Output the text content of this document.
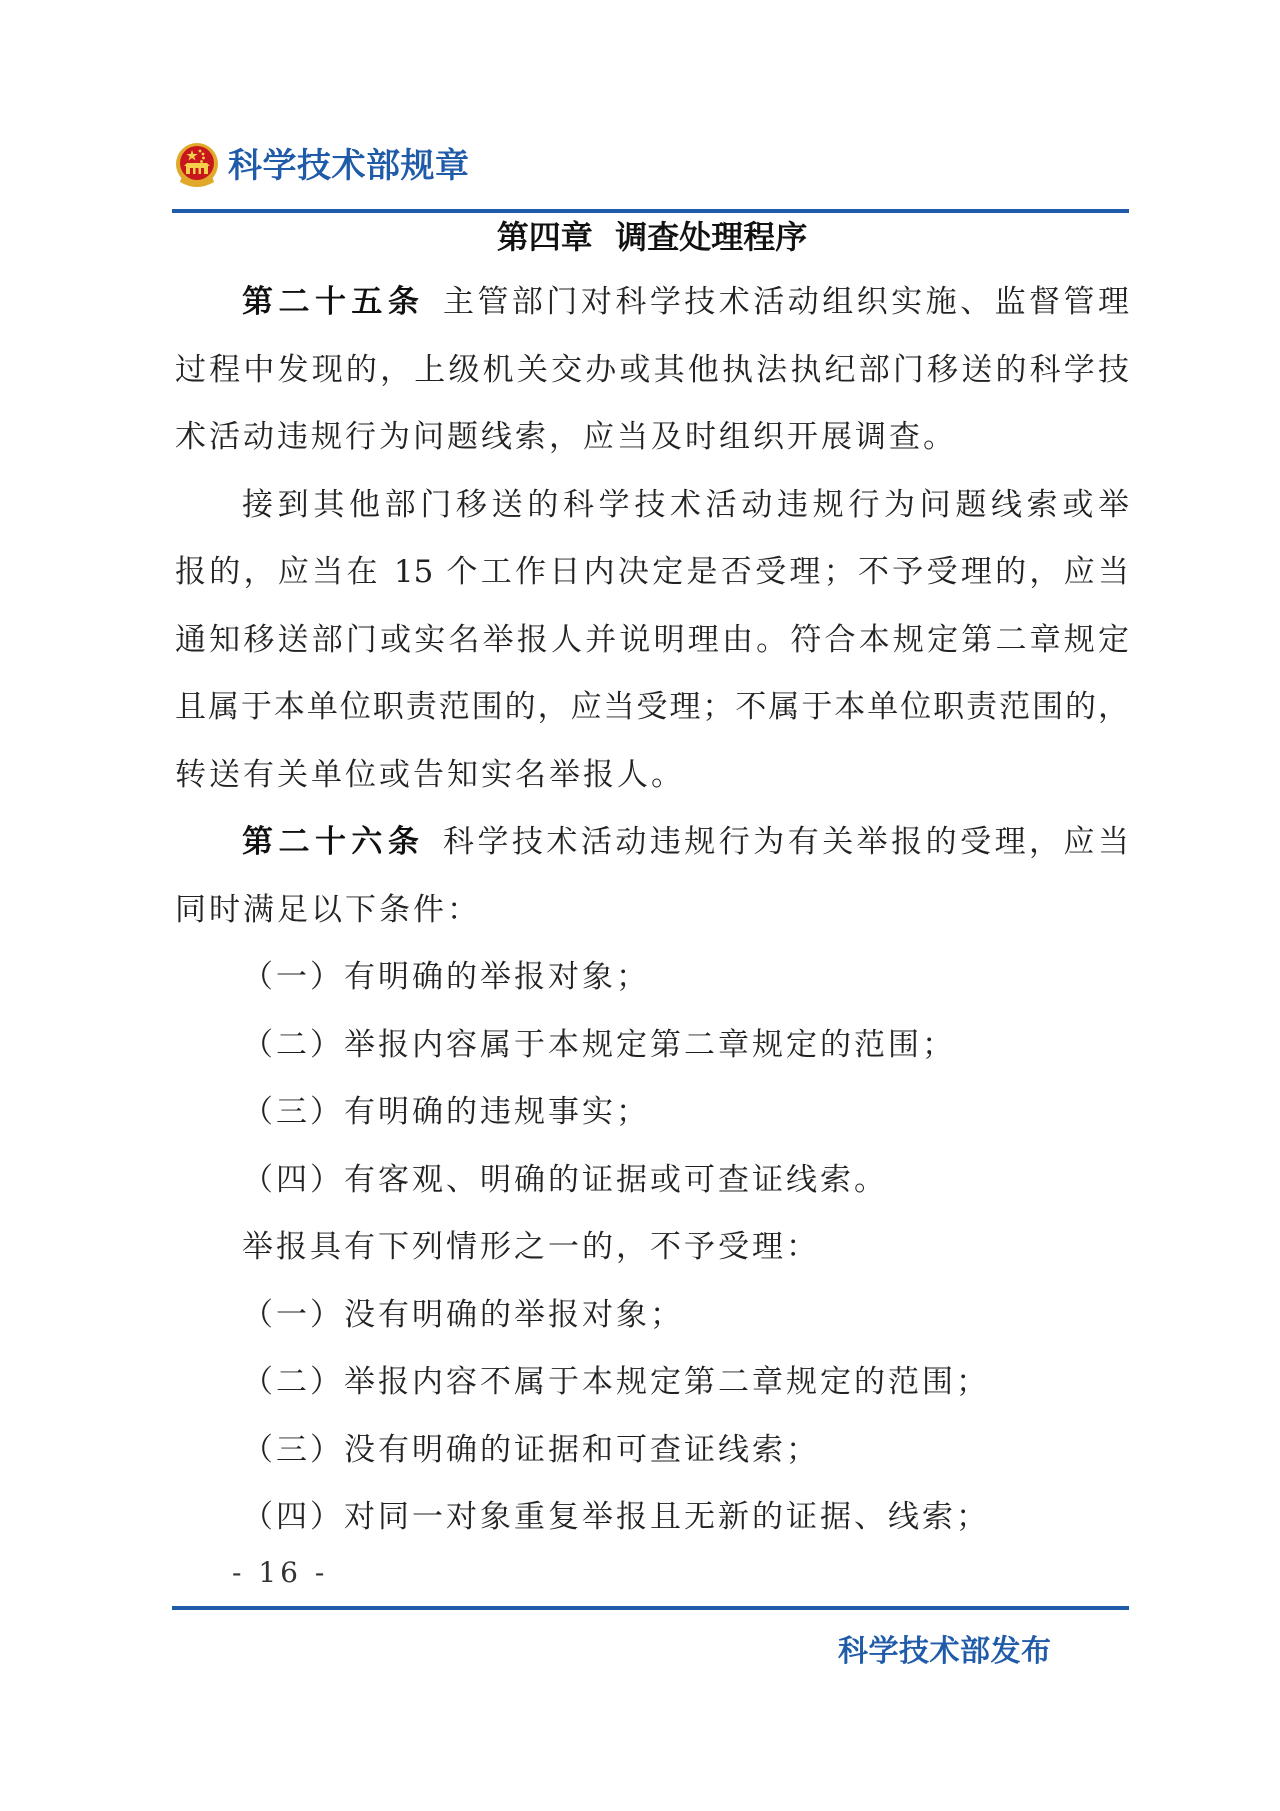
科学技术部规章
第四章 调查处理程序
第二十五条 主管部门对科学技术活动组织实施、监督管理
过程中发现的，上级机关交办或其他执法执纪部门移送的科学技
术活动违规行为问题线索，应当及时组织开展调查。
接到其他部门移送的科学技术活动违规行为问题线索或举
报的，应当在 15 个工作日内决定是否受理；不予受理的，应当
通知移送部门或实名举报人并说明理由。符合本规定第二章规定
且属于本单位职责范围的，应当受理；不属于本单位职责范围的，
转送有关单位或告知实名举报人。
第二十六条 科学技术活动违规行为有关举报的受理，应当
同时满足以下条件：
（一）有明确的举报对象；
（二）举报内容属于本规定第二章规定的范围；
（三）有明确的违规事实；
（四）有客观、明确的证据或可查证线索。
举报具有下列情形之一的，不予受理：
（一）没有明确的举报对象；
（二）举报内容不属于本规定第二章规定的范围；
（三）没有明确的证据和可查证线索；
（四）对同一对象重复举报且无新的证据、线索；
- 16 -
科学技术部发布
